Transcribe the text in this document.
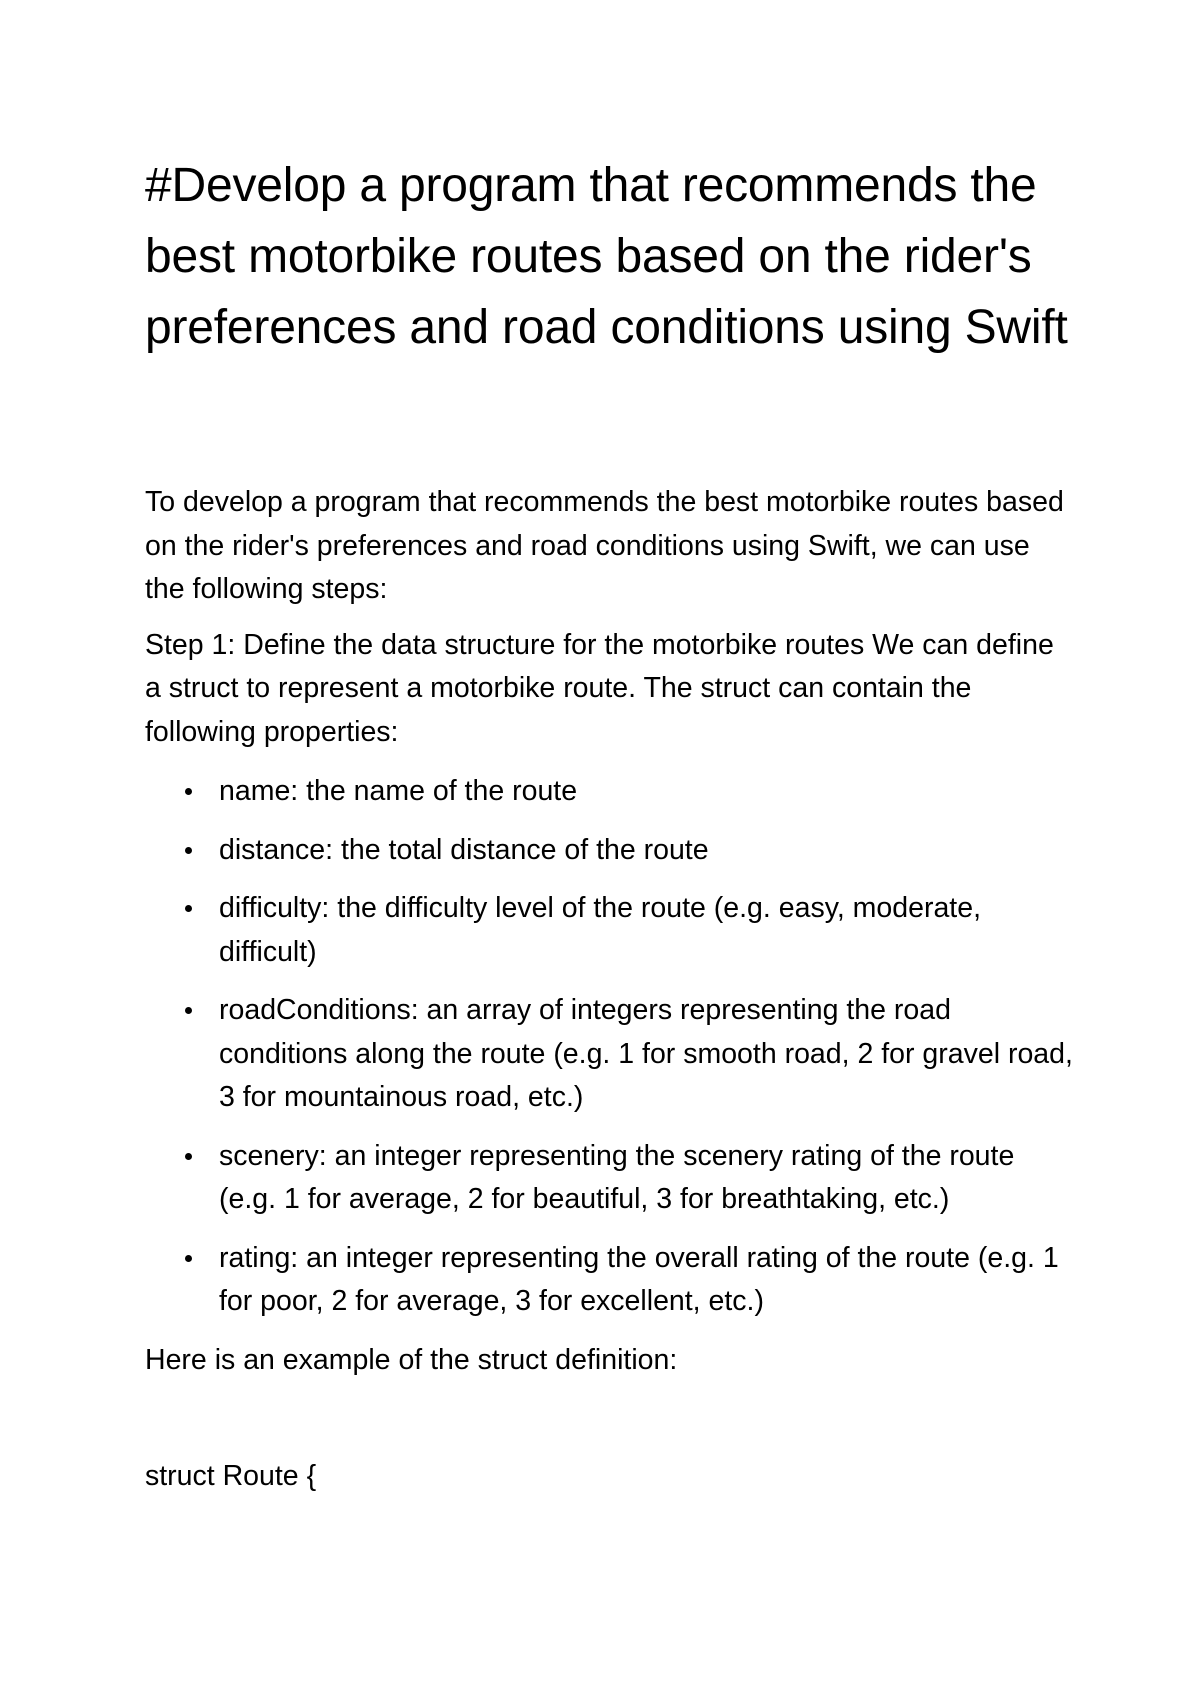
#Develop a program that recommends the best motorbike routes based on the rider's preferences and road conditions using Swift

To develop a program that recommends the best motorbike routes based on the rider's preferences and road conditions using Swift, we can use the following steps:

Step 1: Define the data structure for the motorbike routes We can define a struct to represent a motorbike route. The struct can contain the following properties:

name: the name of the route
distance: the total distance of the route
difficulty: the difficulty level of the route (e.g. easy, moderate, difficult)
roadConditions: an array of integers representing the road conditions along the route (e.g. 1 for smooth road, 2 for gravel road, 3 for mountainous road, etc.)
scenery: an integer representing the scenery rating of the route (e.g. 1 for average, 2 for beautiful, 3 for breathtaking, etc.)
rating: an integer representing the overall rating of the route (e.g. 1 for poor, 2 for average, 3 for excellent, etc.)

Here is an example of the struct definition:

struct Route {
